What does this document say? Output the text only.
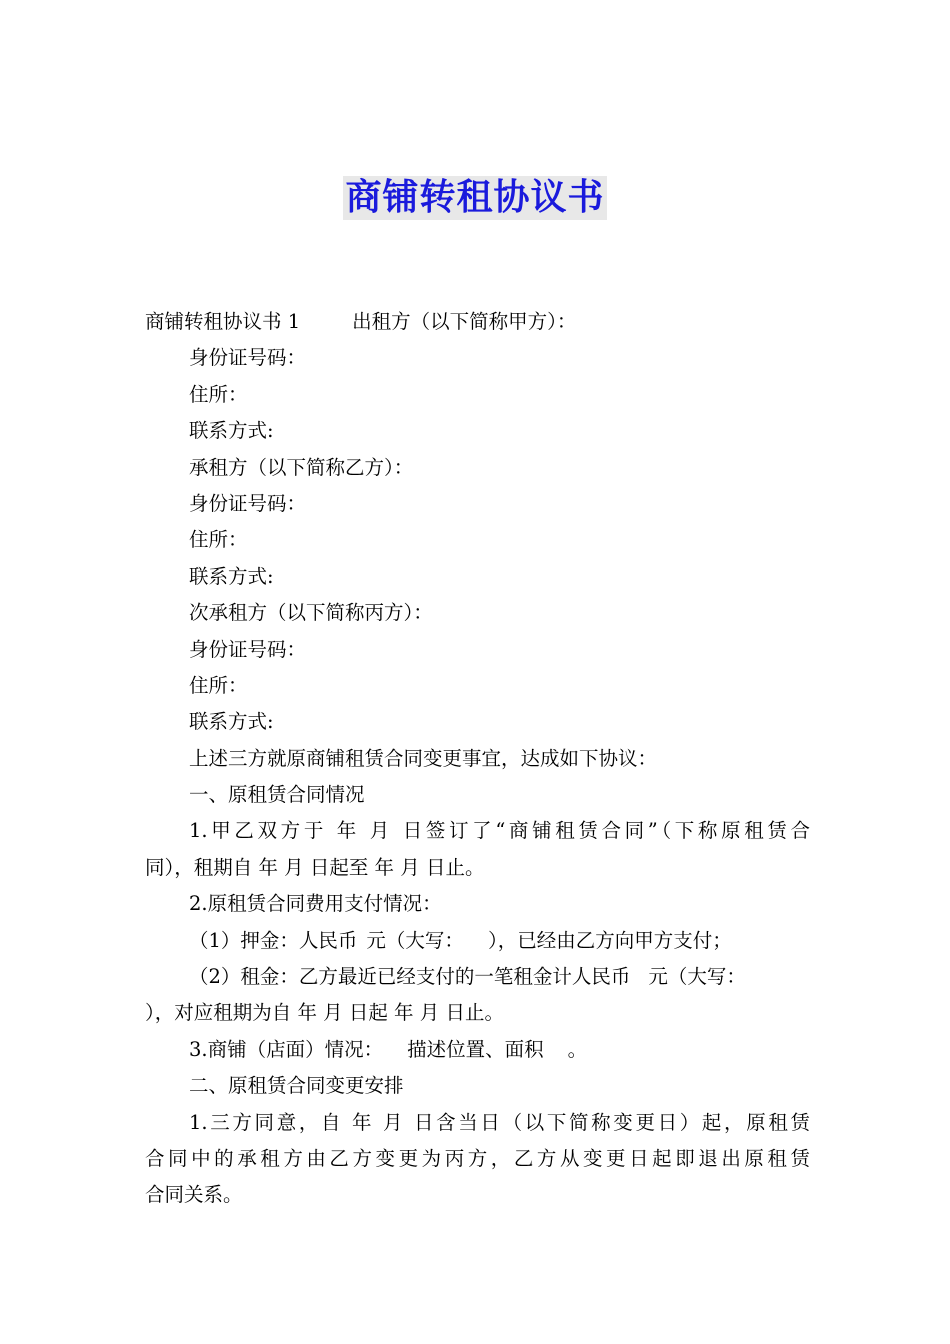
商铺转租协议书
商铺转租协议书 1	出租方（以下简称甲方）：
身份证号码：
住所：
联系方式:
承租方（以下简称乙方）：
身份证号码：
住所：
联系方式:
次承租方（以下简称丙方）：
身份证号码：
住所：
联系方式:
上述三方就原商铺租赁合同变更事宜，达成如下协议：
一、原租赁合同情况
1.甲乙双方于 年 月 日签订了“商铺租赁合同”（下称原租赁合
同），租期自 年 月 日起至 年 月 日止。
2.原租赁合同费用支付情况：
（1）押金：人民币 元（大写： ），已经由乙方向甲方支付；
（2）租金：乙方最近已经支付的一笔租金计人民币 元（大写：
），对应租期为自 年 月 日起 年 月 日止。
3.商铺（店面）情况： 描述位置、面积 。
二、原租赁合同变更安排
1.三方同意，自 年 月 日含当日（以下简称变更日）起，原租赁
合同中的承租方由乙方变更为丙方，乙方从变更日起即退出原租赁
合同关系。
